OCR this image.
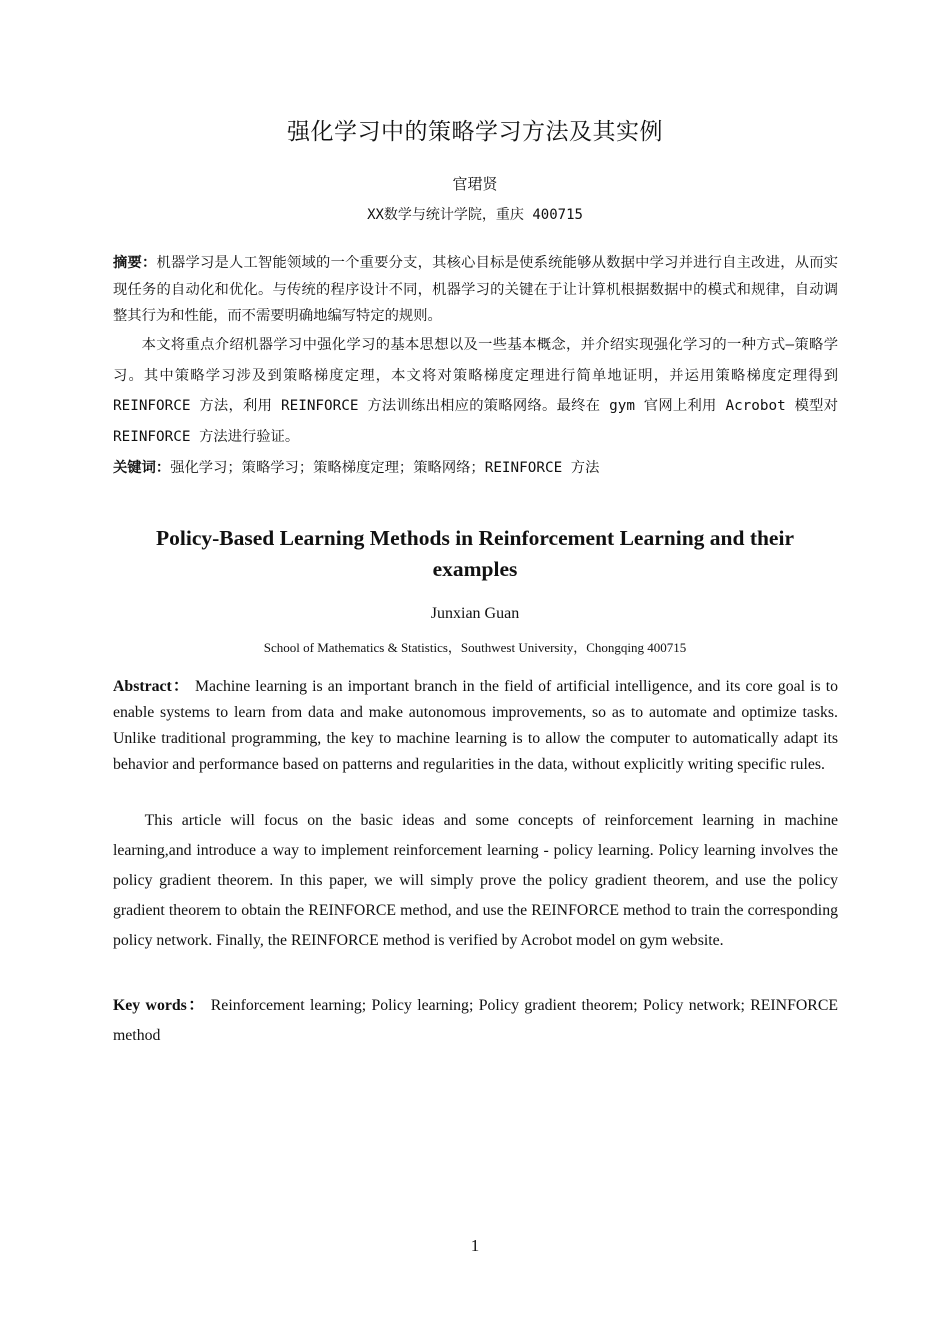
强化学习中的策略学习方法及其实例
官珺贤
XX数学与统计学院，重庆 400715
摘要：机器学习是人工智能领域的一个重要分支，其核心目标是使系统能够从数据中学习并进行自主改进，从而实现任务的自动化和优化。与传统的程序设计不同，机器学习的关键在于让计算机根据数据中的模式和规律，自动调整其行为和性能，而不需要明确地编写特定的规则。
本文将重点介绍机器学习中强化学习的基本思想以及一些基本概念，并介绍实现强化学习的一种方式—策略学习。其中策略学习涉及到策略梯度定理，本文将对策略梯度定理进行简单地证明，并运用策略梯度定理得到 REINFORCE 方法，利用 REINFORCE 方法训练出相应的策略网络。最终在 gym 官网上利用 Acrobot 模型对 REINFORCE 方法进行验证。
关键词：强化学习；策略学习；策略梯度定理；策略网络；REINFORCE 方法
Policy-Based Learning Methods in Reinforcement Learning and their examples
Junxian Guan
School of Mathematics & Statistics，Southwest University，Chongqing 400715
Abstract： Machine learning is an important branch in the field of artificial intelligence, and its core goal is to enable systems to learn from data and make autonomous improvements, so as to automate and optimize tasks. Unlike traditional programming, the key to machine learning is to allow the computer to automatically adapt its behavior and performance based on patterns and regularities in the data, without explicitly writing specific rules.
This article will focus on the basic ideas and some concepts of reinforcement learning in machine learning,and introduce a way to implement reinforcement learning - policy learning. Policy learning involves the policy gradient theorem. In this paper, we will simply prove the policy gradient theorem, and use the policy gradient theorem to obtain the REINFORCE method, and use the REINFORCE method to train the corresponding policy network. Finally, the REINFORCE method is verified by Acrobot model on gym website.
Key words： Reinforcement learning; Policy learning; Policy gradient theorem; Policy network; REINFORCE method
1
